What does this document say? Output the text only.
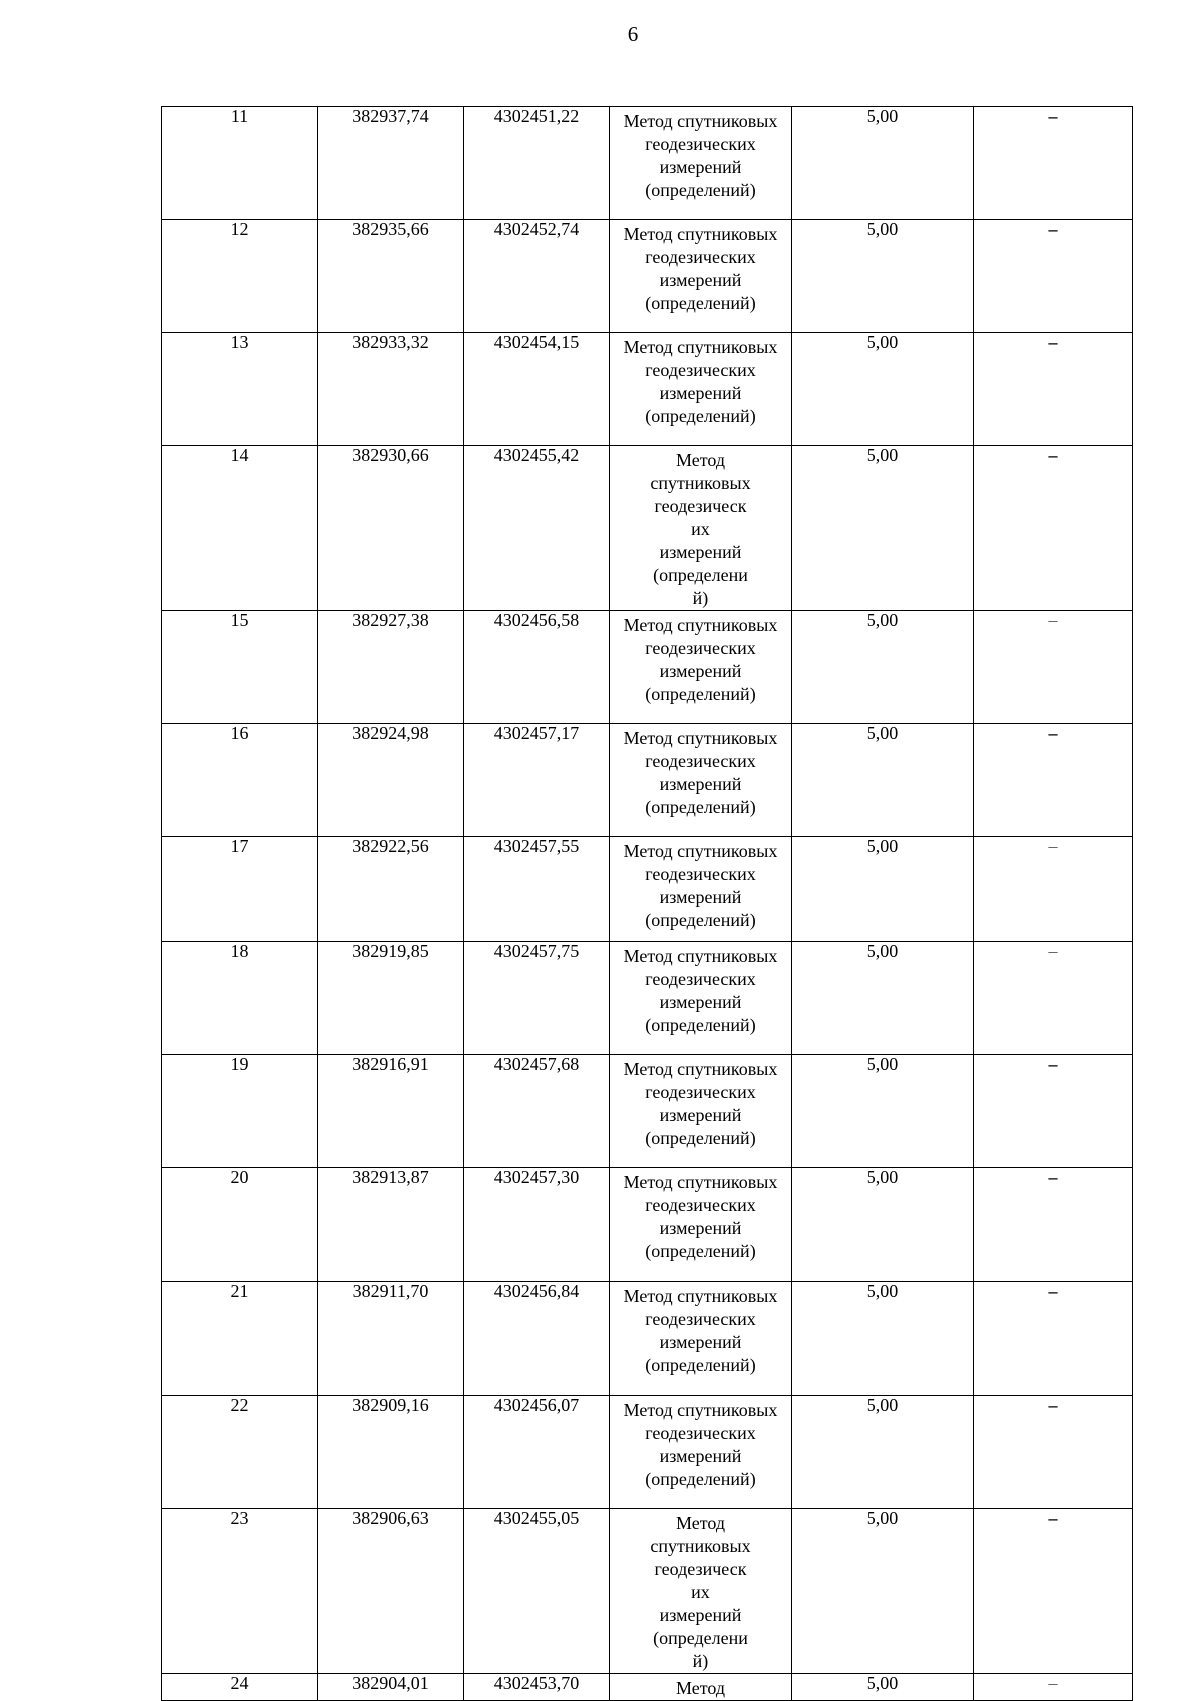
6
11	382937,74	4302451,22	Метод спутниковых геодезических измерений (определений)	5,00	–
12	382935,66	4302452,74	Метод спутниковых геодезических измерений (определений)	5,00	–
13	382933,32	4302454,15	Метод спутниковых геодезических измерений (определений)	5,00	–
14	382930,66	4302455,42	Метод спутниковых геодезических измерений (определений)	5,00	–
15	382927,38	4302456,58	Метод спутниковых геодезических измерений (определений)	5,00	–
16	382924,98	4302457,17	Метод спутниковых геодезических измерений (определений)	5,00	–
17	382922,56	4302457,55	Метод спутниковых геодезических измерений (определений)	5,00	–
18	382919,85	4302457,75	Метод спутниковых геодезических измерений (определений)	5,00	–
19	382916,91	4302457,68	Метод спутниковых геодезических измерений (определений)	5,00	–
20	382913,87	4302457,30	Метод спутниковых геодезических измерений (определений)	5,00	–
21	382911,70	4302456,84	Метод спутниковых геодезических измерений (определений)	5,00	–
22	382909,16	4302456,07	Метод спутниковых геодезических измерений (определений)	5,00	–
23	382906,63	4302455,05	Метод спутниковых геодезических измерений (определений)	5,00	–
24	382904,01	4302453,70	Метод	5,00	–
